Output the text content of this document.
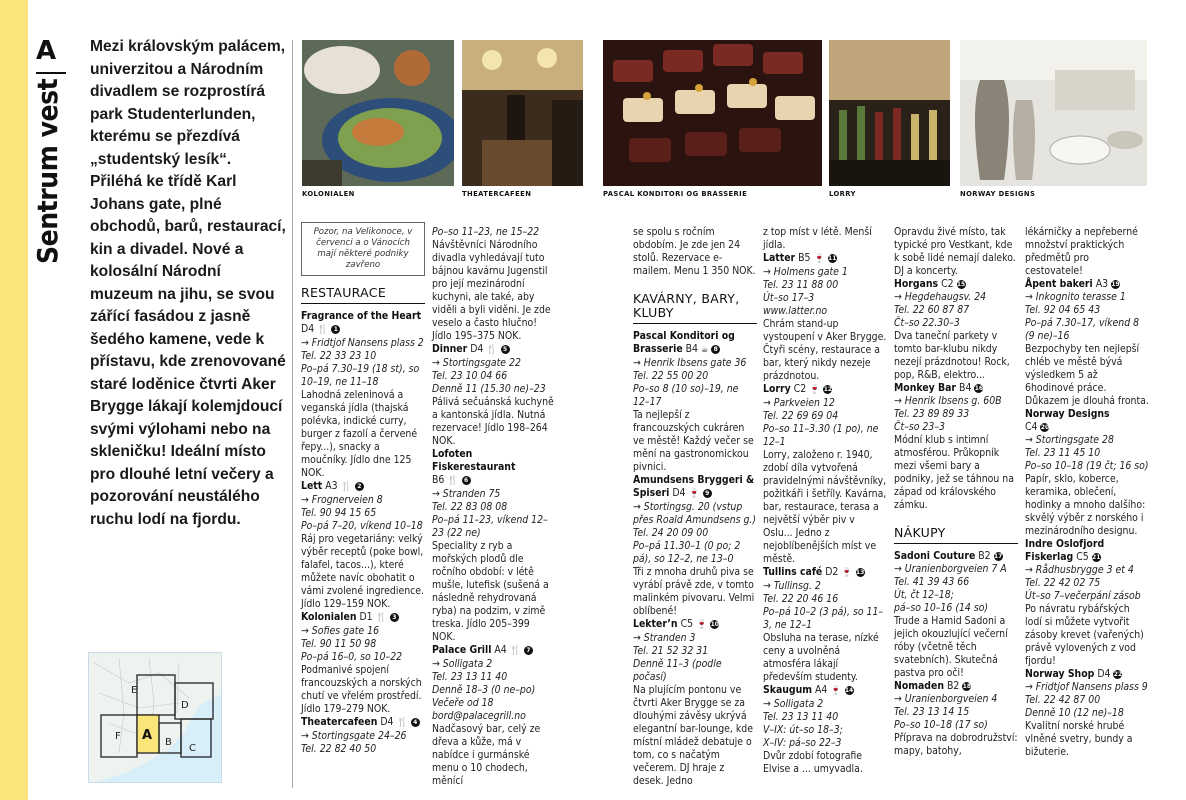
A
Sentrum vest

Mezi královským palácem, univerzitou a Národním divadlem se rozprostírá park Studenterlunden, kterému se přezdívá „studentský lesík“. Přiléhá ke třídě Karl Johans gate, plné obchodů, barů, restaurací, kin a divadel. Nové a kolosální Národní muzeum na jihu, se svou zářící fasádou z jasně šedého kamene, vede k přístavu, kde zrenovované staré loděnice čtvrti Aker Brygge lákají kolemjdoucí svými výlohami nebo na skleničku! Ideální místo pro dlouhé letní večery a pozorování neustálého ruchu lodí na fjordu.

E
D
F A B
C
KOLONIALEN	THEATERCAFEEN	PASCAL KONDITORI OG BRASSERIE	LORRY	NORWAY DESIGNS
Pozor, na Velikonoce, v červenci a o Vánocích mají některé podniky zavřeno
RESTAURACE

Fragrance of the Heart

D4 🍴 1

→ Fridtjof Nansens plass 2

Tel. 22 33 23 10
Po–pá 7.30–19 (18 st), so 10–19, ne 11–18

Lahodná zeleninová a veganská jídla (thajská polévka, indické curry, burger z fazolí a červené řepy...), snacky a moučníky. Jídlo dne 125 NOK.

Lett A3 🍴 2

→ Frognerveien 8

Tel. 90 94 15 65
Po–pá 7–20, víkend 10–18

Ráj pro vegetariány: velký výběr receptů (poke bowl, falafel, tacos...), které můžete navíc obohatit o vámi zvolené ingredience. Jídlo 129–159 NOK.

Kolonialen D1 🍴 3

→ Sofies gate 16

Tel. 90 11 50 98
Po–pá 16–0, so 10–22

Podmanivé spojení francouzských a norských chutí ve vřelém prostředí. Jídlo 179–279 NOK.

Theatercafeen D4 🍴 4

→ Stortingsgate 24–26

Tel. 22 82 40 50

Po–so 11–23, ne 15–22

Návštěvníci Národního divadla vyhledávají tuto bájnou kavárnu Jugenstil pro její mezinárodní kuchyni, ale také, aby viděli a byli viděni. Je zde veselo a často hlučno! Jídlo 195–375 NOK.

Dinner D4 🍴 5

→ Stortingsgate 22

Tel. 23 10 04 66
Denně 11 (15.30 ne)–23

Pálivá sečuánská kuchyně a kantonská jídla. Nutná rezervace! Jídlo 198–264 NOK.

Lofoten Fiskerestaurant

B6 🍴 6

→ Stranden 75

Tel. 22 83 08 08
Po–pá 11–23, víkend 12–23 (22 ne)

Speciality z ryb a mořských plodů dle ročního období: v létě mušle, lutefisk (sušená a následně rehydrovaná ryba) na podzim, v zimě treska. Jídlo 205–399 NOK.

Palace Grill A4 🍴 7

→ Solligata 2

Tel. 23 13 11 40
Denně 18–3 (0 ne–po)
Večeře od 18
bord@palacegrill.no

Nadčasový bar, celý ze dřeva a kůže, má v nabídce i gurmánské menu o 10 chodech, měnící

se spolu s ročním obdobím. Je zde jen 24 stolů. Rezervace e-mailem. Menu 1 350 NOK.

KAVÁRNY, BARY, KLUBY

Pascal Konditori og Brasserie B4 ☕ 8

→ Henrik Ibsens gate 36

Tel. 22 55 00 20
Po–so 8 (10 so)–19, ne 12–17

Ta nejlepší z francouzských cukráren ve městě! Každý večer se mění na gastronomickou pivnici.

Amundsens Bryggeri & Spiseri D4 🍷 9

→ Stortingsg. 20 (vstup přes Roald Amundsens g.)

Tel. 24 20 09 00
Po–pá 11.30–1 (0 po; 2 pá), so 12–2, ne 13–0

Tři z mnoha druhů piva se vyrábí právě zde, v tomto malinkém pivovaru. Velmi oblíbené!

Lekter’n C5 🍷 10

→ Stranden 3

Tel. 21 52 32 31
Denně 11–3 (podle počasí)

Na plujícím pontonu ve čtvrti Aker Brygge se za dlouhými závěsy ukrývá elegantní bar-lounge, kde místní mládež debatuje o tom, co s načatým večerem. DJ hraje z desek. Jedno

z top míst v létě. Menší jídla.

Latter B5 🍷 11

→ Holmens gate 1

Tel. 23 11 88 00
Út–so 17–3
www.latter.no

Chrám stand-up vystoupení v Aker Brygge. Čtyři scény, restaurace a bar, který nikdy nezeje prázdnotou.

Lorry C2 🍷 12

→ Parkveien 12

Tel. 22 69 69 04
Po–so 11–3.30 (1 po), ne 12–1

Lorry, založeno r. 1940, zdobí díla vytvořená pravidelnými návštěvníky, požitkáři i šetříly. Kavárna, bar, restaurace, terasa a největší výběr piv v Oslu... Jedno z nejoblíbenějších míst ve městě.

Tullins café D2 🍷 13

→ Tullinsg. 2

Tel. 22 20 46 16
Po–pá 10–2 (3 pá), so 11–3, ne 12–1

Obsluha na terase, nízké ceny a uvolněná atmosféra lákají především studenty.

Skaugum A4 🍷 14

→ Solligata 2

Tel. 23 13 11 40
V–IX: út–so 18–3;
X–IV: pá–so 22–3

Dvůr zdobí fotografie Elvise a ... umyvadla.

Opravdu živé místo, tak typické pro Vestkant, kde k sobě lidé nemají daleko. DJ a koncerty.

Horgans C2 15

→ Hegdehaugsv. 24

Tel. 22 60 87 87
Čt–so 22.30–3

Dva taneční parkety v tomto bar-klubu nikdy nezejí prázdnotou! Rock, pop, R&B, elektro...

Monkey Bar B4 16

→ Henrik Ibsens g. 60B

Tel. 23 89 89 33
Čt–so 23–3

Módní klub s intimní atmosférou. Průkopník mezi všemi bary a podniky, jež se táhnou na západ od královského zámku.

NÁKUPY

Sadoni Couture B2 17

→ Uranienborgveien 7 A

Tel. 41 39 43 66
Út, čt 12–18;
pá–so 10–16 (14 so)

Trude a Hamid Sadoni a jejich okouzlující večerní róby (včetně těch svatebních). Skutečná pastva pro oči!

Nomaden B2 18

→ Uranienborgveien 4

Tel. 23 13 14 15
Po–so 10–18 (17 so)

Příprava na dobrodružství: mapy, batohy,

lékárničky a nepřeberné množství praktických předmětů pro cestovatele!

Åpent bakeri A3 19

→ Inkognito terasse 1

Tel. 92 04 65 43
Po–pá 7.30–17, víkend 8 (9 ne)–16

Bezpochyby ten nejlepší chléb ve městě bývá výsledkem 5 až 6hodinové práce. Důkazem je dlouhá fronta.

Norway Designs

C4 20

→ Stortingsgate 28

Tel. 23 11 45 10
Po–so 10–18 (19 čt; 16 so)

Papír, sklo, koberce, keramika, oblečení, hodinky a mnoho dalšího: skvělý výběr z norského i mezinárodního designu.

Indre Oslofjord Fiskerlag C5 21

→ Rådhusbrygge 3 et 4

Tel. 22 42 02 75
Út–so 7–večerpání zásob

Po návratu rybářských lodí si můžete vytvořit zásoby krevet (vařených) právě vylovených z vod fjordu!

Norway Shop D4 22

→ Fridtjof Nansens plass 9

Tel. 22 42 87 00
Denně 10 (12 ne)–18

Kvalitní norské hrubé vlněné svetry, bundy a bižuterie.
